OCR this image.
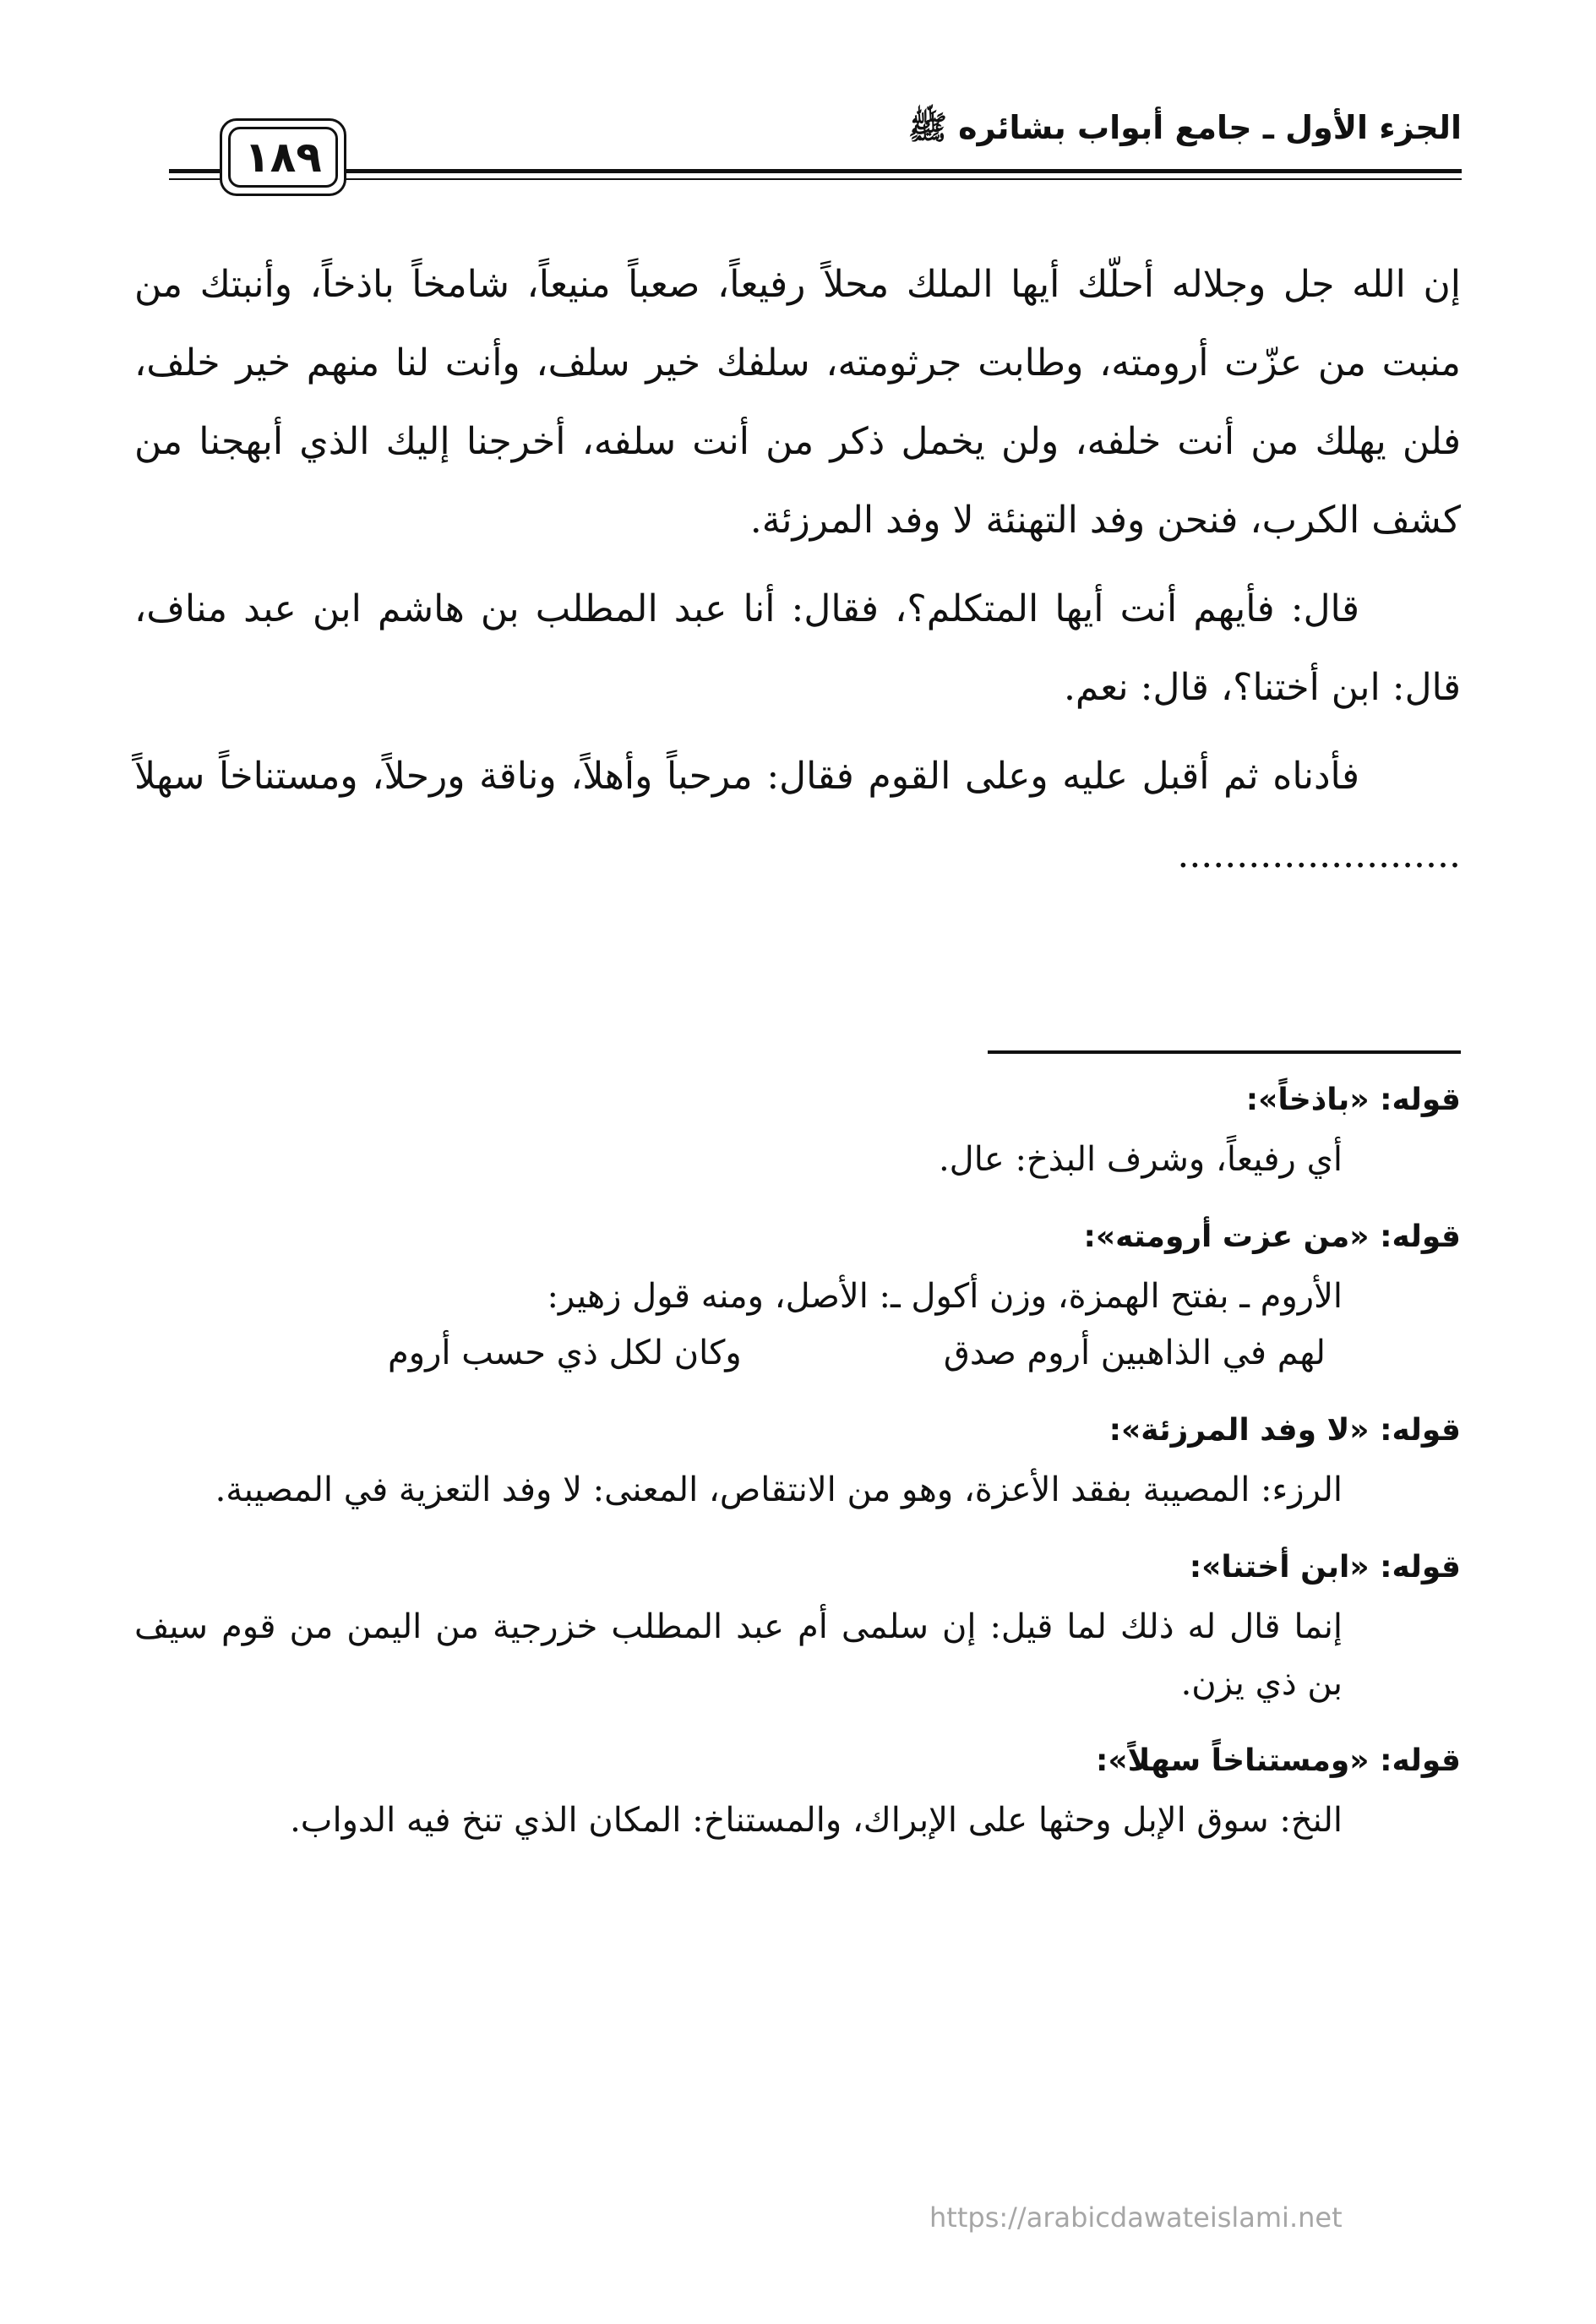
الجزء الأول ـ جامع أبواب بشائره ﷺ
١٨٩

إن الله جل وجلاله أحلّك أيها الملك محلاً رفيعاً، صعباً منيعاً، شامخاً باذخاً، وأنبتك من منبت من عزّت أرومته، وطابت جرثومته، سلفك خير سلف، وأنت لنا منهم خير خلف، فلن يهلك من أنت خلفه، ولن يخمل ذكر من أنت سلفه، أخرجنا إليك الذي أبهجنا من كشف الكرب، فنحن وفد التهنئة لا وفد المرزئة.

قال: فأيهم أنت أيها المتكلم؟، فقال: أنا عبد المطلب بن هاشم ابن عبد مناف، قال: ابن أختنا؟، قال: نعم.

فأدناه ثم أقبل عليه وعلى القوم فقال: مرحباً وأهلاً، وناقة ورحلاً، ومستناخاً سهلاً ........................

قوله: «باذخاً»:

أي رفيعاً، وشرف البذخ: عال.

قوله: «من عزت أرومته»:

الأروم ـ بفتح الهمزة، وزن أكول ـ: الأصل، ومنه قول زهير:

لهم في الذاهبين أروم صدق
وكان لكل ذي حسب أروم

قوله: «لا وفد المرزئة»:

الرزء: المصيبة بفقد الأعزة، وهو من الانتقاص، المعنى: لا وفد التعزية في المصيبة.

قوله: «ابن أختنا»:

إنما قال له ذلك لما قيل: إن سلمى أم عبد المطلب خزرجية من اليمن من قوم سيف بن ذي يزن.

قوله: «ومستناخاً سهلاً»:

النخ: سوق الإبل وحثها على الإبراك، والمستناخ: المكان الذي تنخ فيه الدواب.

https://arabicdawateislami.net
